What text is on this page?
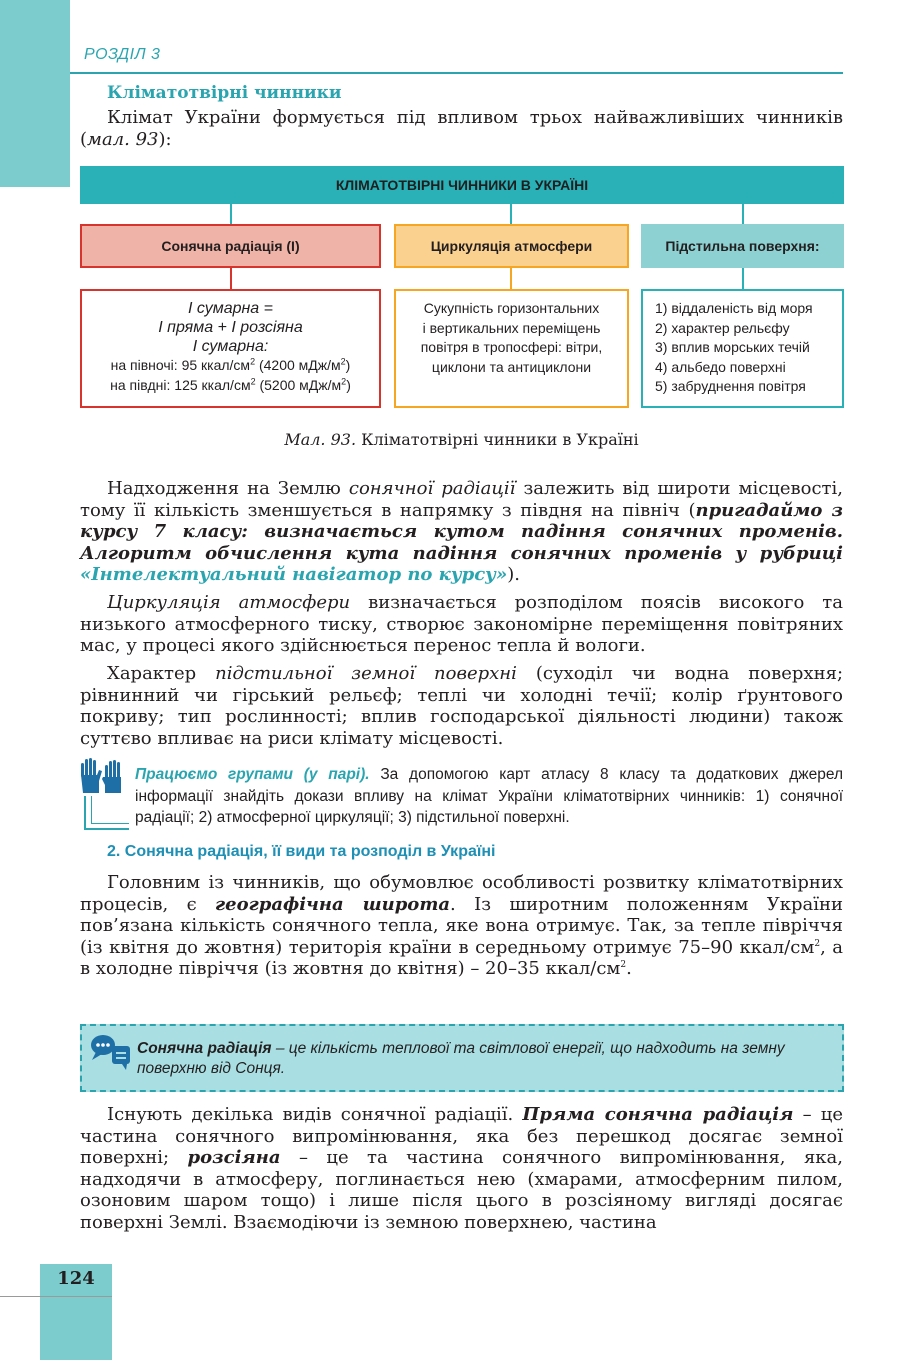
РОЗДІЛ 3
Кліматотвірні чинники
Клімат України формується під впливом трьох найважливіших чинників (мал. 93):
КЛІМАТОТВІРНІ ЧИННИКИ В УКРАЇНІ
Сонячна радіація (I)	Циркуляція атмосфери	Підстильна поверхня:
I сумарна =
I пряма + I розсіяна
I сумарна:
на півночі: 95 ккал/$см^2$ (4200 мДж/$м^2$)
на півдні: 125 ккал/$см^2$ (5200 мДж/$м^2$)
Сукупність горизонтальних
і вертикальних переміщень
повітря в тропосфері: вітри,
циклони та антициклони
1) віддаленість від моря
2) характер рельєфу
3) вплив морських течій
4) альбедо поверхні
5) забруднення повітря
Мал. 93. Кліматотвірні чинники в Україні
Надходження на Землю сонячної радіації залежить від широти місцевості, тому її кількість зменшується в напрямку з півдня на північ (пригадаймо з курсу 7 класу: визначається кутом падіння сонячних променів. Алгоритм обчислення кута падіння сонячних променів у рубриці «Інтелектуальний навігатор по курсу»).
Циркуляція атмосфери визначається розподілом поясів високого та низького атмосферного тиску, створює закономірне переміщення повітряних мас, у процесі якого здійснюється перенос тепла й вологи.
Характер підстильної земної поверхні (суходіл чи водна поверхня; рівнинний чи гірський рельєф; теплі чи холодні течії; колір ґрунтового покриву; тип рослинності; вплив господарської діяльності людини) також суттєво впливає на риси клімату місцевості.
Працюємо групами (у парі). За допомогою карт атласу 8 класу та додаткових джерел інформації знайдіть докази впливу на клімат України кліматотвірних чинників: 1) сонячної радіації; 2) атмосферної циркуляції; 3) підстильної поверхні.
2. Сонячна радіація, її види та розподіл в Україні
Головним із чинників, що обумовлює особливості розвитку кліматотвірних процесів, є географічна широта. Із широтним положенням України пов’язана кількість сонячного тепла, яке вона отримує. Так, за тепле півріччя (із квітня до жовтня) територія країни в середньому отримує 75–90 ккал/$см^2$, а в холодне півріччя (із жовтня до квітня) – 20–35 ккал/$см^2$.
Сонячна радіація – це кількість теплової та світлової енергії, що надходить на земну поверхню від Сонця.
Існують декілька видів сонячної радіації. Пряма сонячна радіація – це частина сонячного випромінювання, яка без перешкод досягає земної поверхні; розсіяна – це та частина сонячного випромінювання, яка, надходячи в атмосферу, поглинається нею (хмарами, атмосферним пилом, озоновим шаром тощо) і лише після цього в розсіяному вигляді досягає поверхні Землі. Взаємодіючи із земною поверхнею, частина
124
